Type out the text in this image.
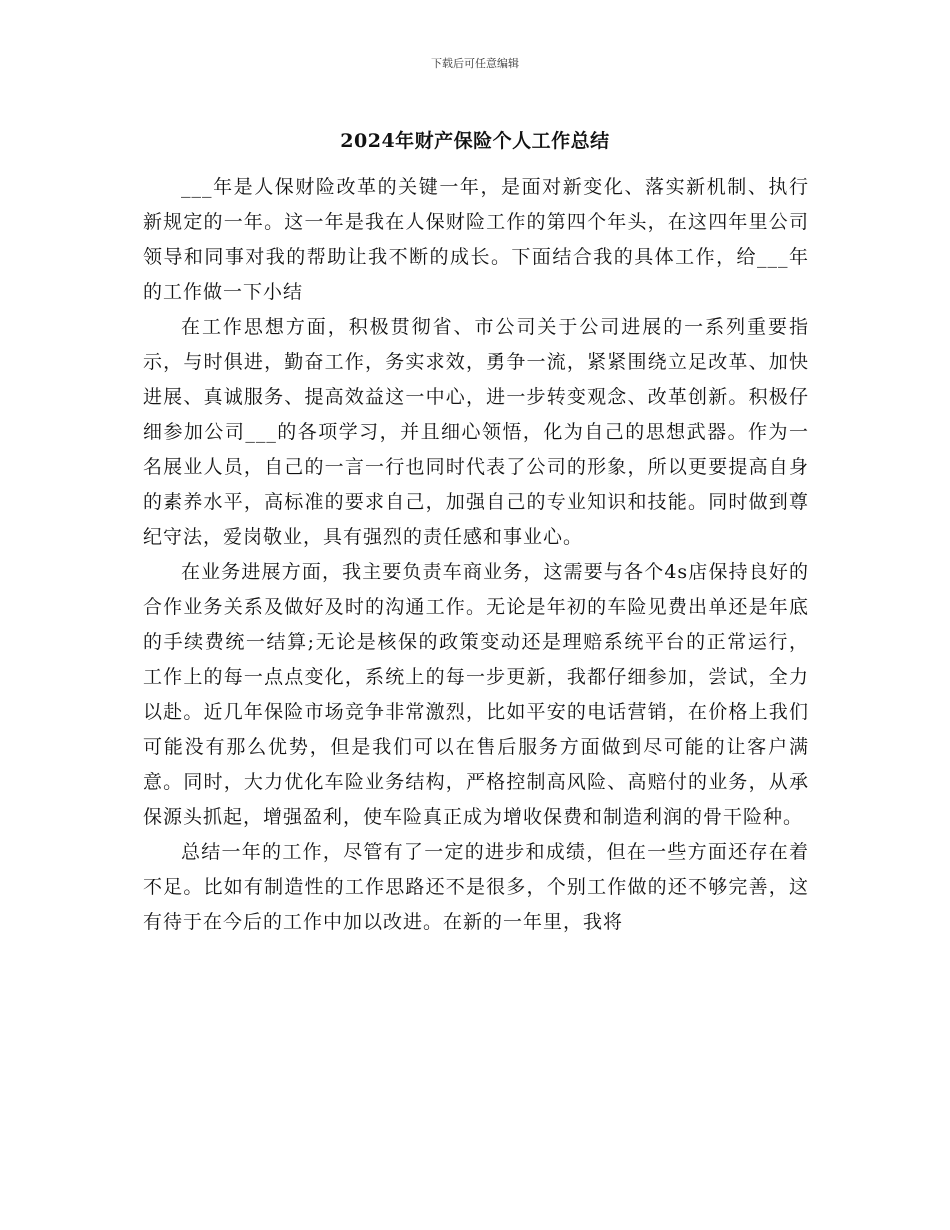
下载后可任意编辑
2024年财产保险个人工作总结

___年是人保财险改革的关键一年，是面对新变化、落实新机制、执行新规定的一年。这一年是我在人保财险工作的第四个年头，在这四年里公司领导和同事对我的帮助让我不断的成长。下面结合我的具体工作，给___年的工作做一下小结

在工作思想方面，积极贯彻省、市公司关于公司进展的一系列重要指示，与时俱进，勤奋工作，务实求效，勇争一流，紧紧围绕立足改革、加快进展、真诚服务、提高效益这一中心，进一步转变观念、改革创新。积极仔细参加公司___的各项学习，并且细心领悟，化为自己的思想武器。作为一名展业人员，自己的一言一行也同时代表了公司的形象，所以更要提高自身的素养水平，高标准的要求自己，加强自己的专业知识和技能。同时做到尊纪守法，爱岗敬业，具有强烈的责任感和事业心。

在业务进展方面，我主要负责车商业务，这需要与各个4s店保持良好的合作业务关系及做好及时的沟通工作。无论是年初的车险见费出单还是年底的手续费统一结算;无论是核保的政策变动还是理赔系统平台的正常运行，工作上的每一点点变化，系统上的每一步更新，我都仔细参加，尝试，全力以赴。近几年保险市场竞争非常激烈，比如平安的电话营销，在价格上我们可能没有那么优势，但是我们可以在售后服务方面做到尽可能的让客户满意。同时，大力优化车险业务结构，严格控制高风险、高赔付的业务，从承保源头抓起，增强盈利，使车险真正成为增收保费和制造利润的骨干险种。

总结一年的工作，尽管有了一定的进步和成绩，但在一些方面还存在着不足。比如有制造性的工作思路还不是很多，个别工作做的还不够完善，这有待于在今后的工作中加以改进。在新的一年里，我将
